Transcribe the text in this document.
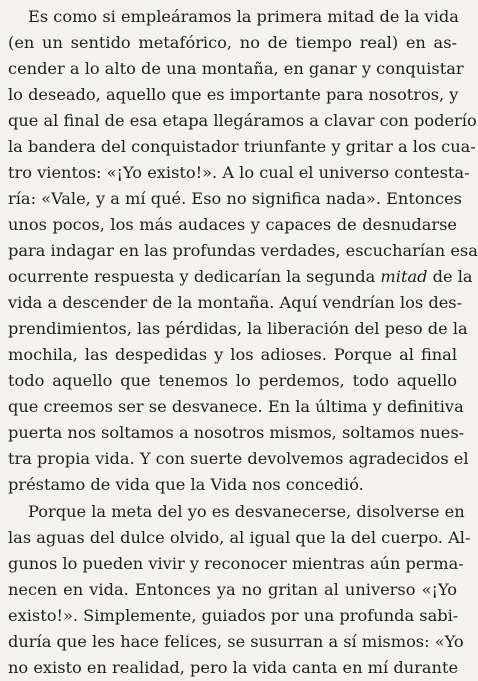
Es como si empleáramos la primera mitad de la vida
(en un sentido metafórico, no de tiempo real) en as-
cender a lo alto de una montaña, en ganar y conquistar
lo deseado, aquello que es importante para nosotros, y
que al final de esa etapa llegáramos a clavar con poderío
la bandera del conquistador triunfante y gritar a los cua-
tro vientos: «¡Yo existo!». A lo cual el universo contesta-
ría: «Vale, y a mí qué. Eso no significa nada». Entonces
unos pocos, los más audaces y capaces de desnudarse
para indagar en las profundas verdades, escucharían esa
ocurrente respuesta y dedicarían la segunda mitad de la
vida a descender de la montaña. Aquí vendrían los des-
prendimientos, las pérdidas, la liberación del peso de la
mochila, las despedidas y los adioses. Porque al final
todo aquello que tenemos lo perdemos, todo aquello
que creemos ser se desvanece. En la última y definitiva
puerta nos soltamos a nosotros mismos, soltamos nues-
tra propia vida. Y con suerte devolvemos agradecidos el
préstamo de vida que la Vida nos concedió.
Porque la meta del yo es desvanecerse, disolverse en
las aguas del dulce olvido, al igual que la del cuerpo. Al-
gunos lo pueden vivir y reconocer mientras aún perma-
necen en vida. Entonces ya no gritan al universo «¡Yo
existo!». Simplemente, guiados por una profunda sabi-
duría que les hace felices, se susurran a sí mismos: «Yo
no existo en realidad, pero la vida canta en mí durante
